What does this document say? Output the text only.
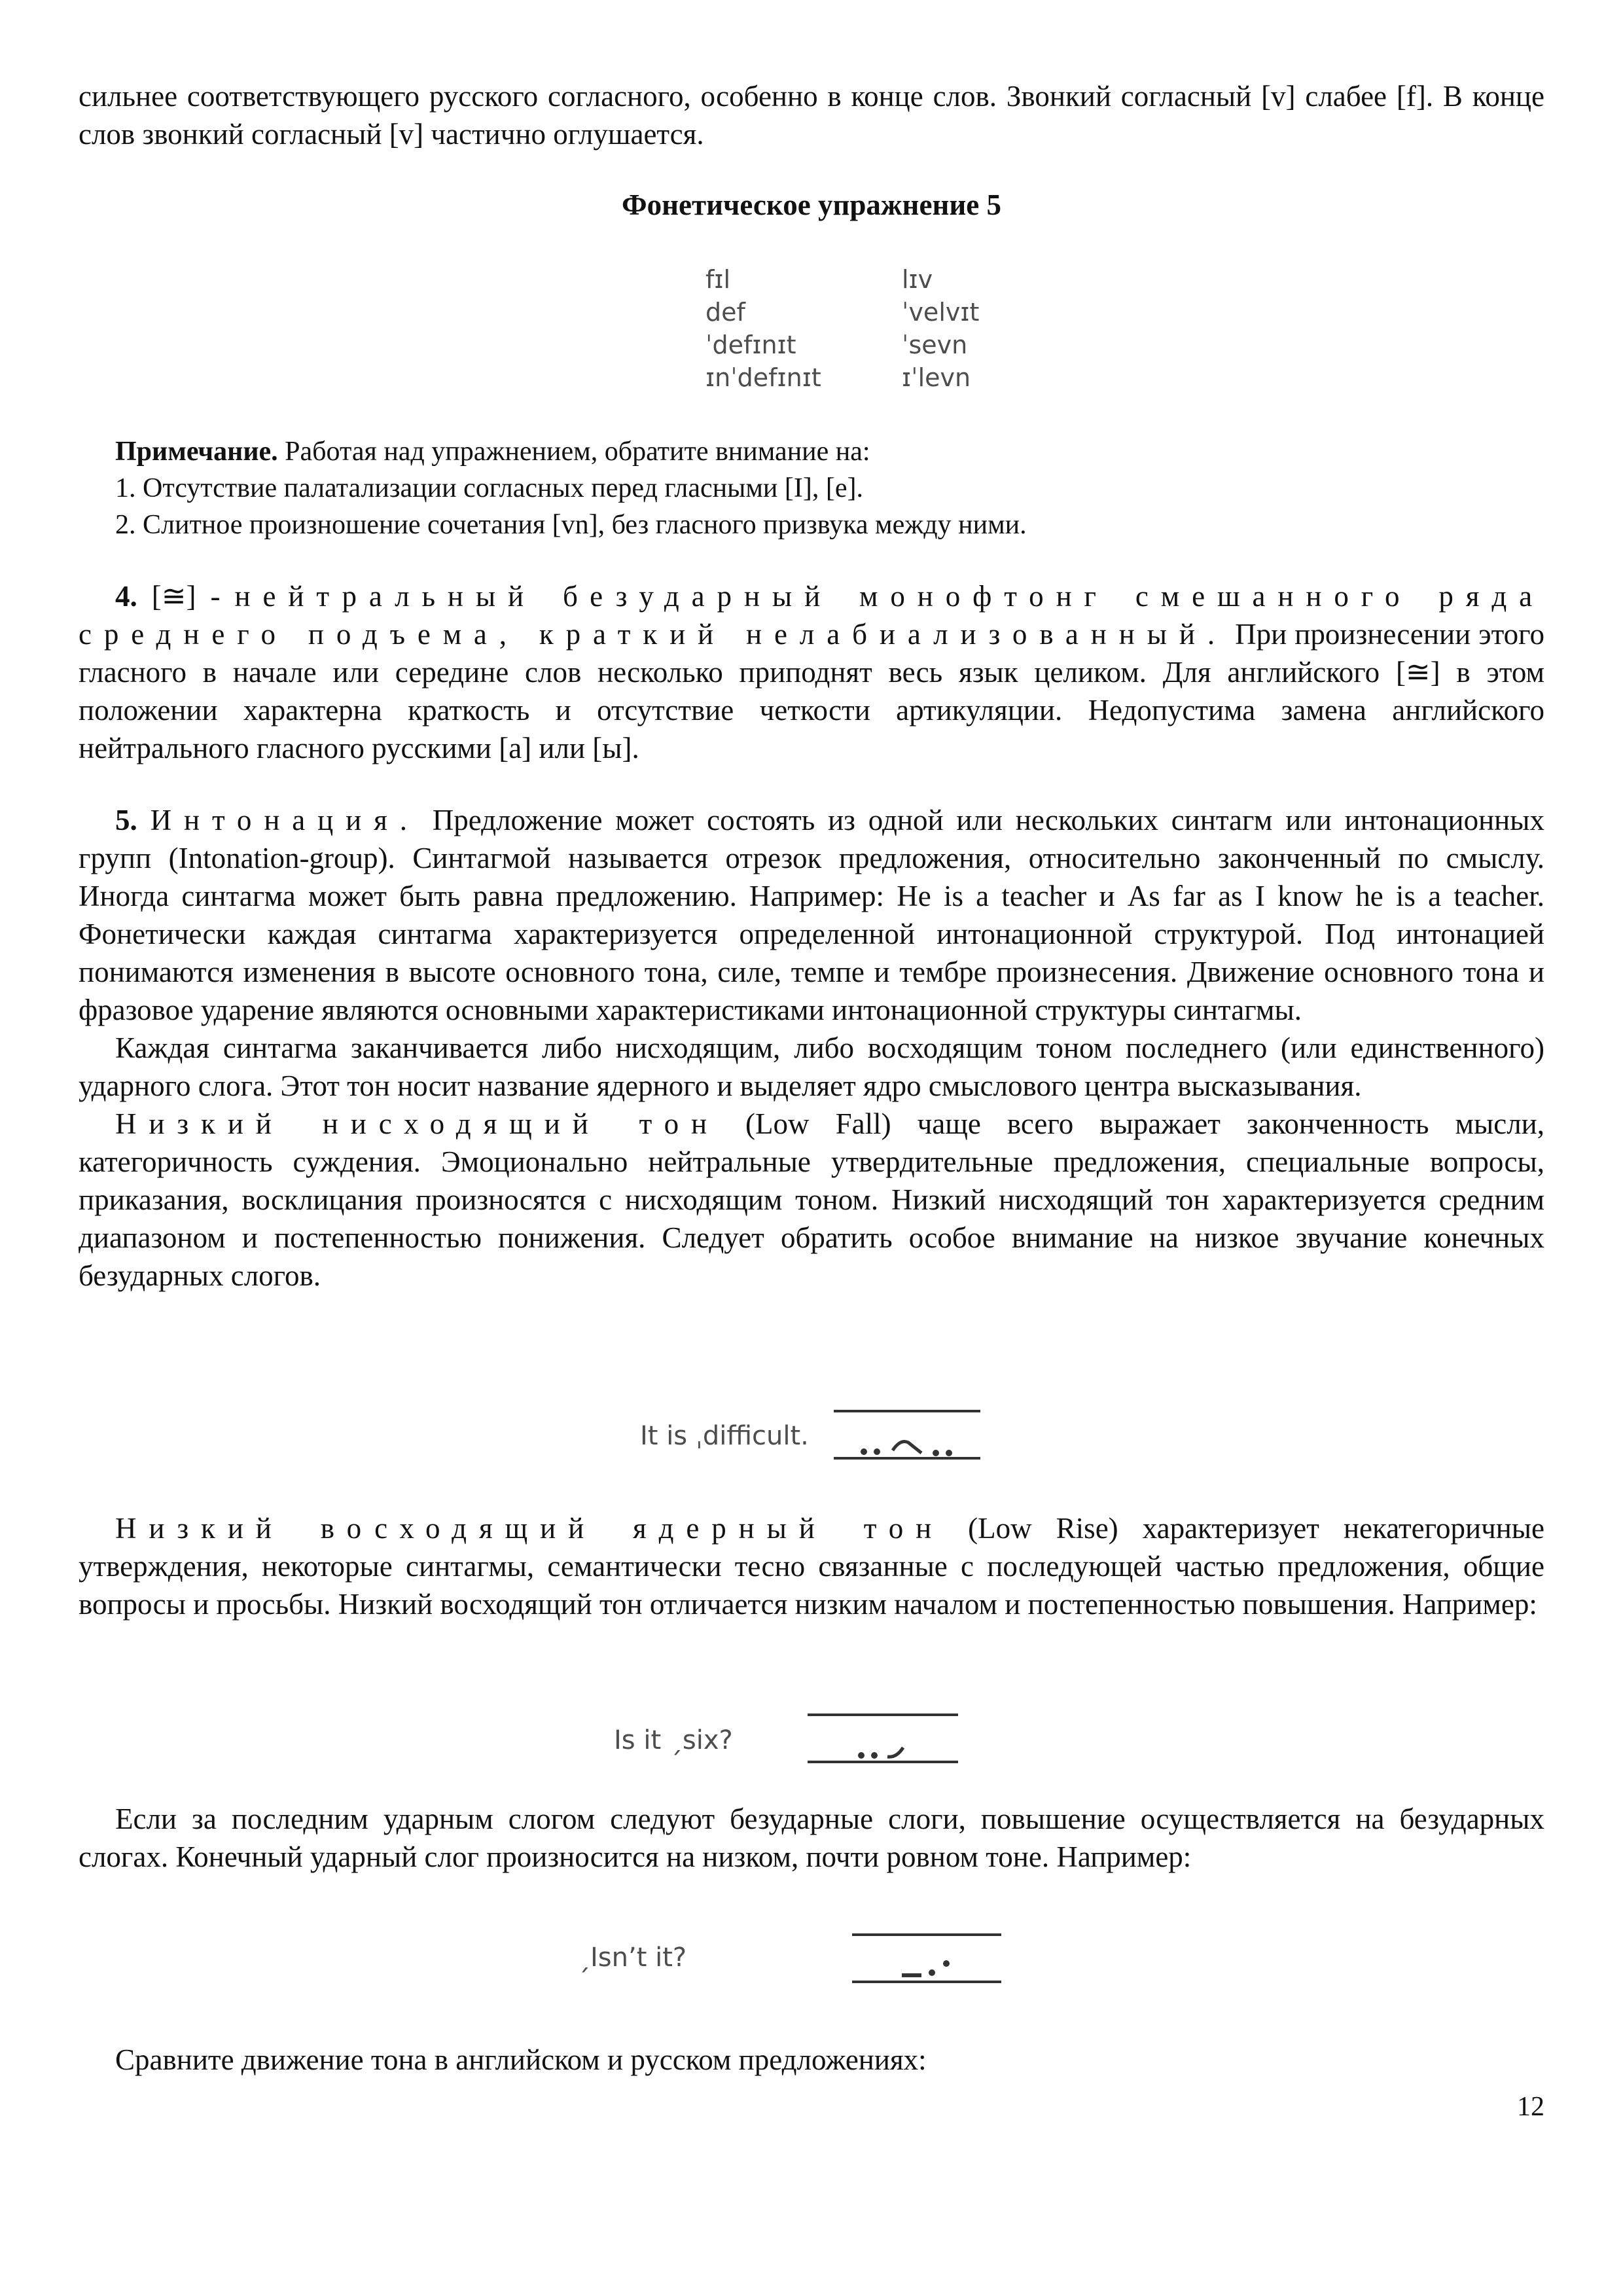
сильнее соответствующего русского согласного, особенно в конце слов. Звонкий согласный [v] слабее [f]. В конце слов звонкий согласный [v] частично оглушается.

Фонетическое упражнение 5
fɪl	lɪv
def	ˈvelvɪt
ˈdefɪnɪt	ˈsevn
ɪnˈdefɪnɪt	ɪˈlevn

Примечание. Работая над упражнением, обратите внимание на:

1. Отсутствие палатализации согласных перед гласными [I], [e].

2. Слитное произношение сочетания [vn], без гласного призвука между ними.

4. [≅] - нейтральный безударный монофтонг смешанного ряда среднего подъема, краткий нелабиализованный. При произнесении этого гласного в начале или середине слов несколько приподнят весь язык целиком. Для английского [≅] в этом положении характерна краткость и отсутствие четкости артикуляции. Недопустима замена английского нейтрального гласного русскими [а] или [ы].

5. Интонация. Предложение может состоять из одной или нескольких синтагм или интонационных групп (Intonation-group). Синтагмой называется отрезок предложения, относительно законченный по смыслу. Иногда синтагма может быть равна предложению. Например: He is a teacher и As far as I know he is a teacher. Фонетически каждая синтагма характеризуется определенной интонационной структурой. Под интонацией понимаются изменения в высоте основного тона, силе, темпе и тембре произнесения. Движение основного тона и фразовое ударение являются основными характеристиками интонационной структуры синтагмы.

Каждая синтагма заканчивается либо нисходящим, либо восходящим тоном последнего (или единственного) ударного слога. Этот тон носит название ядерного и выделяет ядро смыслового центра высказывания.

Низкий нисходящий тон (Low Fall) чаще всего выражает законченность мысли, категоричность суждения. Эмоционально нейтральные утвердительные предложения, специальные вопросы, приказания, восклицания произносятся с нисходящим тоном. Низкий нисходящий тон характеризуется средним диапазоном и постепенностью понижения. Следует обратить особое внимание на низкое звучание конечных безударных слогов.

It is ˌdifficult.

Низкий восходящий ядерный тон (Low Rise) характеризует некатегоричные утверждения, некоторые синтагмы, семантически тесно связанные с последующей частью предложения, общие вопросы и просьбы. Низкий восходящий тон отличается низким началом и постепенностью повышения. Например:

Is it ˏsix?

Если за последним ударным слогом следуют безударные слоги, повышение осуществляется на безударных слогах. Конечный ударный слог произносится на низком, почти ровном тоне. Например:

ˏIsn’t it?

Сравните движение тона в английском и русском предложениях:

12
